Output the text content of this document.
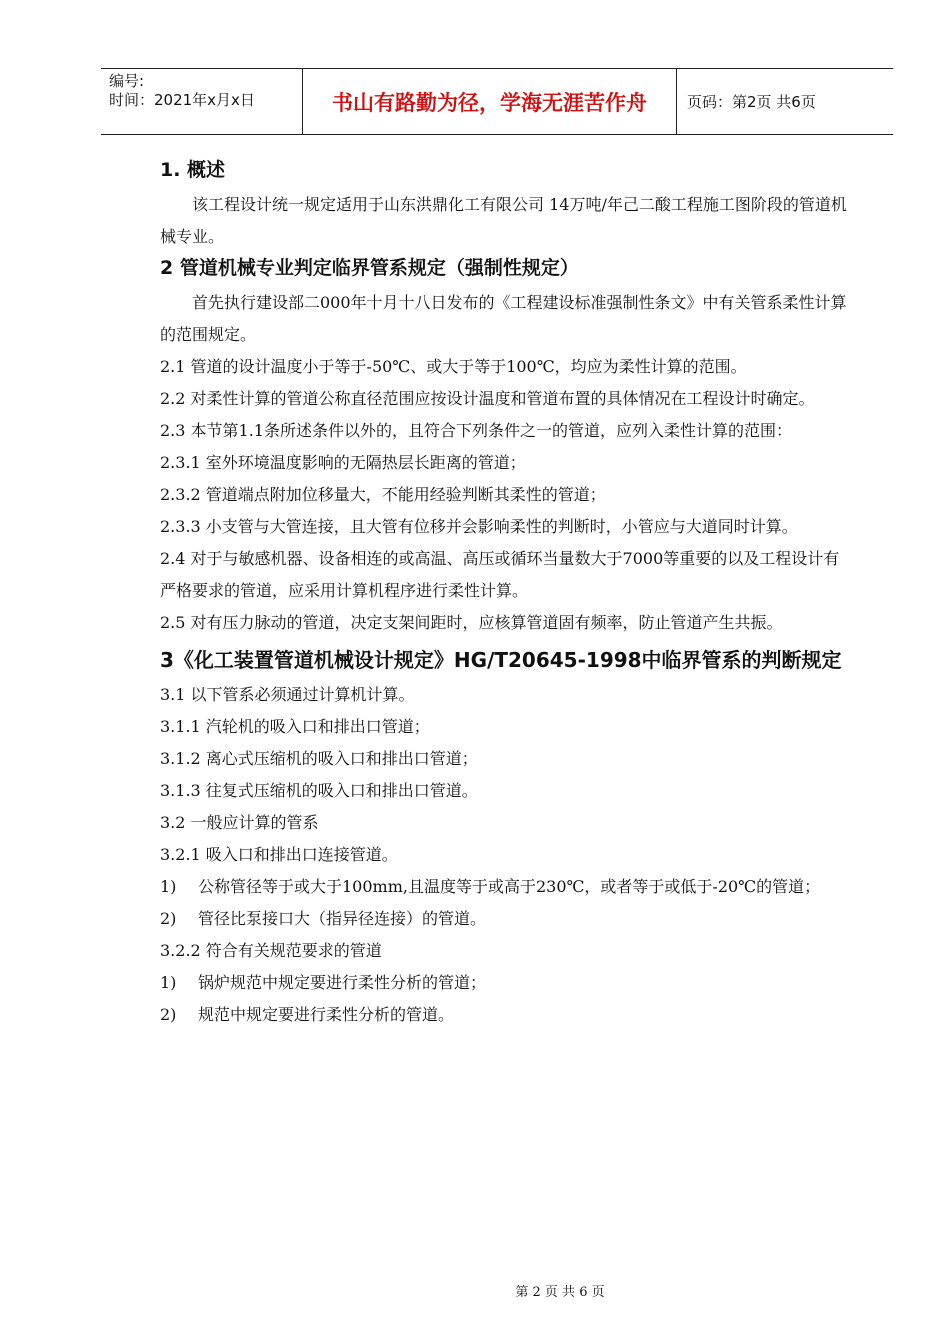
编号:
时间：2021年x月x日	书山有路勤为径，学海无涯苦作舟	页码：第2页 共6页
1. 概述

该工程设计统一规定适用于山东洪鼎化工有限公司 14万吨/年己二酸工程施工图阶段的管道机械专业。

2 管道机械专业判定临界管系规定（强制性规定）

首先执行建设部二000年十月十八日发布的《工程建设标准强制性条文》中有关管系柔性计算的范围规定。

2.1 管道的设计温度小于等于-50℃、或大于等于100℃，均应为柔性计算的范围。

2.2 对柔性计算的管道公称直径范围应按设计温度和管道布置的具体情况在工程设计时确定。

2.3 本节第1.1条所述条件以外的，且符合下列条件之一的管道，应列入柔性计算的范围：

2.3.1 室外环境温度影响的无隔热层长距离的管道；

2.3.2 管道端点附加位移量大，不能用经验判断其柔性的管道；

2.3.3 小支管与大管连接，且大管有位移并会影响柔性的判断时，小管应与大道同时计算。

2.4 对于与敏感机器、设备相连的或高温、高压或循环当量数大于7000等重要的以及工程设计有严格要求的管道，应采用计算机程序进行柔性计算。

2.5 对有压力脉动的管道，决定支架间距时，应核算管道固有频率，防止管道产生共振。

3《化工装置管道机械设计规定》HG/T20645-1998中临界管系的判断规定

3.1 以下管系必须通过计算机计算。

3.1.1 汽轮机的吸入口和排出口管道；

3.1.2 离心式压缩机的吸入口和排出口管道；

3.1.3 往复式压缩机的吸入口和排出口管道。

3.2 一般应计算的管系

3.2.1 吸入口和排出口连接管道。

1)	公称管径等于或大于100mm,且温度等于或高于230℃，或者等于或低于-20℃的管道；
2)	管径比泵接口大（指异径连接）的管道。

3.2.2 符合有关规范要求的管道

1)	锅炉规范中规定要进行柔性分析的管道；
2)	规范中规定要进行柔性分析的管道。
第 2 页 共 6 页
